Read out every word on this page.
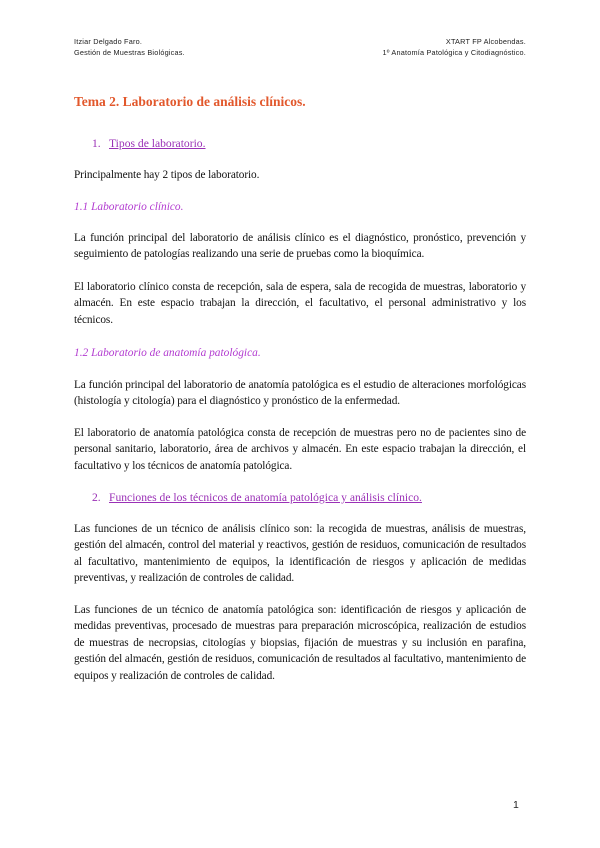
Itziar Delgado Faro.
Gestión de Muestras Biológicas.
XTART FP Alcobendas.
1º Anatomía Patológica y Citodiagnóstico.
Tema 2. Laboratorio de análisis clínicos.
1. Tipos de laboratorio.

Principalmente hay 2 tipos de laboratorio.

1.1 Laboratorio clínico.

La función principal del laboratorio de análisis clínico es el diagnóstico, pronóstico, prevención y seguimiento de patologías realizando una serie de pruebas como la bioquímica.

El laboratorio clínico consta de recepción, sala de espera, sala de recogida de muestras, laboratorio y almacén. En este espacio trabajan la dirección, el facultativo, el personal administrativo y los técnicos.

1.2 Laboratorio de anatomía patológica.

La función principal del laboratorio de anatomía patológica es el estudio de alteraciones morfológicas (histología y citología) para el diagnóstico y pronóstico de la enfermedad.

El laboratorio de anatomía patológica consta de recepción de muestras pero no de pacientes sino de personal sanitario, laboratorio, área de archivos y almacén. En este espacio trabajan la dirección, el facultativo y los técnicos de anatomía patológica.

2. Funciones de los técnicos de anatomía patológica y análisis clínico.

Las funciones de un técnico de análisis clínico son: la recogida de muestras, análisis de muestras, gestión del almacén, control del material y reactivos, gestión de residuos, comunicación de resultados al facultativo, mantenimiento de equipos, la identificación de riesgos y aplicación de medidas preventivas, y realización de controles de calidad.

Las funciones de un técnico de anatomía patológica son: identificación de riesgos y aplicación de medidas preventivas, procesado de muestras para preparación microscópica, realización de estudios de muestras de necropsias, citologías y biopsias, fijación de muestras y su inclusión en parafina, gestión del almacén, gestión de residuos, comunicación de resultados al facultativo, mantenimiento de equipos y realización de controles de calidad.

1
